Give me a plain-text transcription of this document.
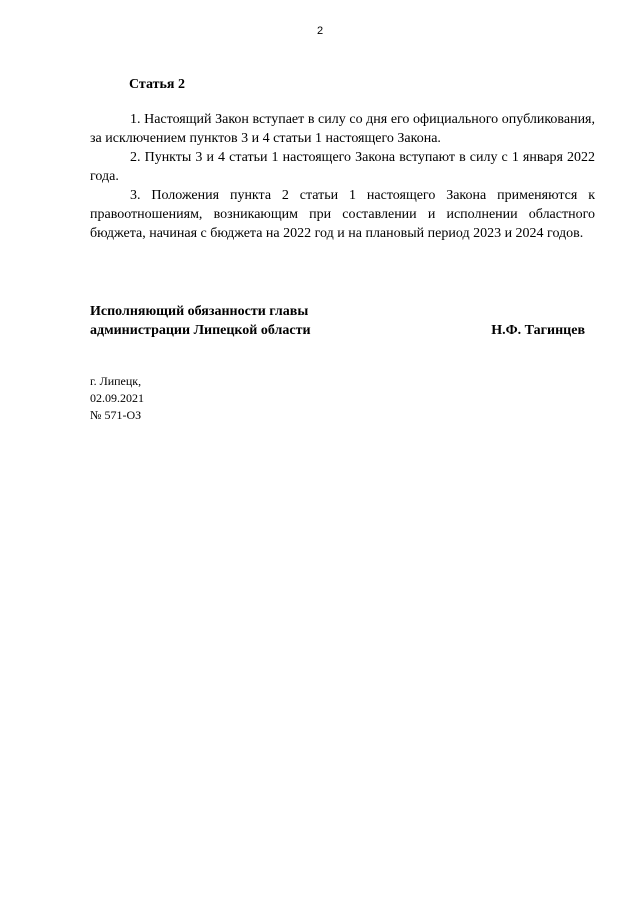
2
Статья 2

1. Настоящий Закон вступает в силу со дня его официального опубликования, за исключением пунктов 3 и 4 статьи 1 настоящего Закона.

2. Пункты 3 и 4 статьи 1 настоящего Закона вступают в силу с 1 января 2022 года.

3. Положения пункта 2 статьи 1 настоящего Закона применяются к правоотношениям, возникающим при составлении и исполнении областного бюджета, начиная с бюджета на 2022 год и на плановый период 2023 и 2024 годов.

Исполняющий обязанности главы
администрации Липецкой области	Н.Ф. Тагинцев
г. Липецк,
02.09.2021
№ 571-ОЗ
